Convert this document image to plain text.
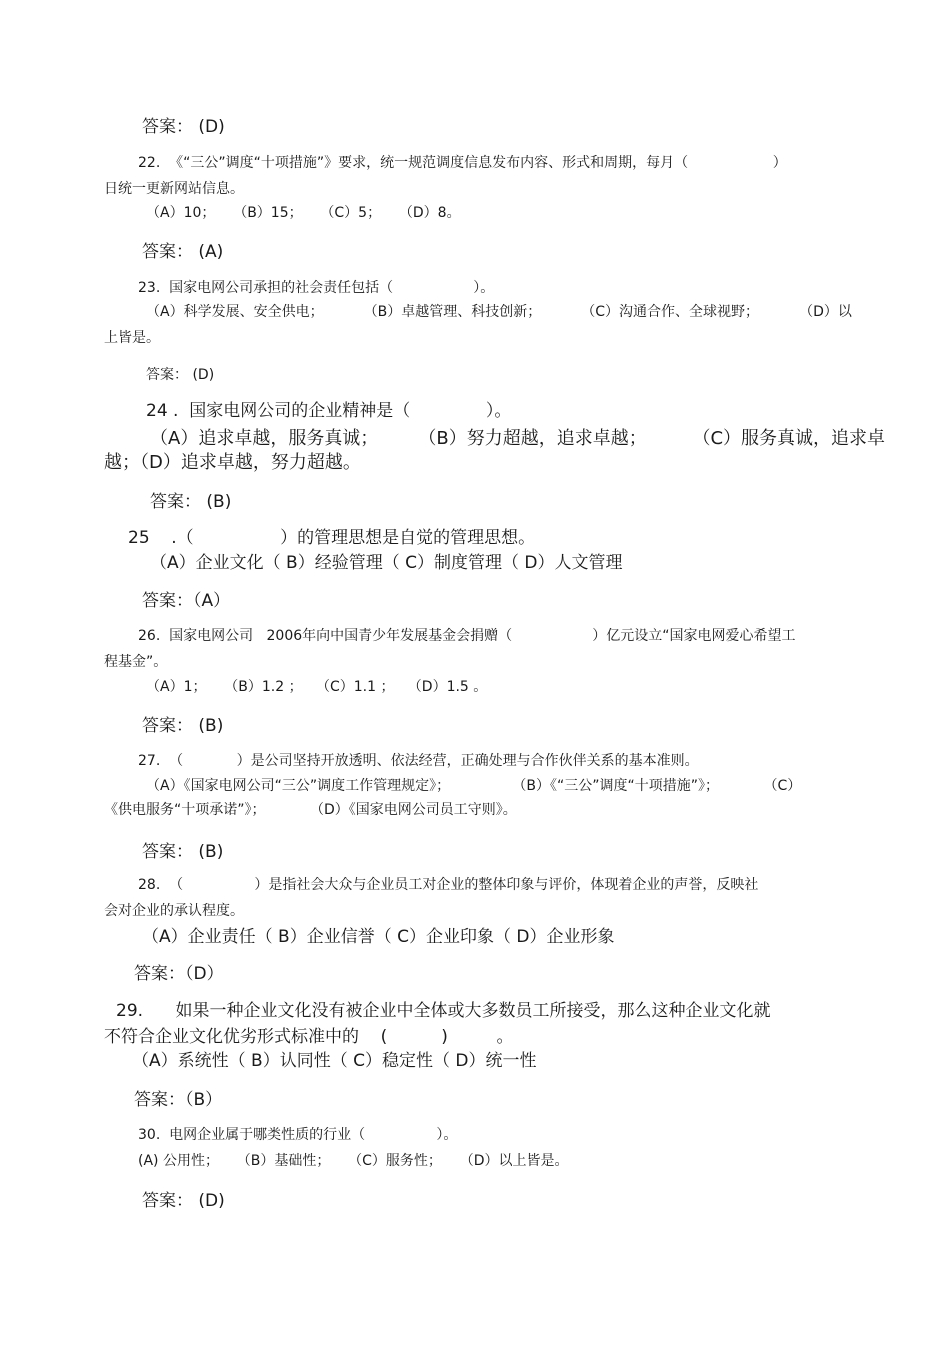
答案： (D)
22.  《“三公”调度“十项措施”》要求，统一规范调度信息发布内容、形式和周期，每月（                   ）
日统一更新网站信息。
（A）10；    （B）15；    （C）5；    （D）8。
答案： (A)
23.  国家电网公司承担的社会责任包括（                  ）。
（A）科学发展、安全供电；         （B）卓越管理、科技创新；         （C）沟通合作、全球视野；         （D）以
上皆是。
答案： (D)
24 .  国家电网公司的企业精神是（              ）。
（A）追求卓越，服务真诚；       （B）努力超越，追求卓越；        （C）服务真诚，追求卓
越；（D）追求卓越，努力超越。
答案： (B)
25    .（                ）的管理思想是自觉的管理思想。
（A）企业文化（ B）经验管理（ C）制度管理（ D）人文管理
答案：（A）
26.  国家电网公司   2006年向中国青少年发展基金会捐赠（                  ）亿元设立“国家电网爱心希望工
程基金”。
（A）1；    （B）1.2 ；   （C）1.1 ；   （D）1.5 。
答案： (B)
27.  （            ）是公司坚持开放透明、依法经营，正确处理与合作伙伴关系的基本准则。
（A）《国家电网公司“三公”调度工作管理规定》；              （B）《“三公”调度“十项措施”》；          （C）
《供电服务“十项承诺”》；          （D）《国家电网公司员工守则》。
答案： (B)
28.  （                ）是指社会大众与企业员工对企业的整体印象与评价，体现着企业的声誉，反映社
会对企业的承认程度。
（A）企业责任（ B）企业信誉（ C）企业印象（ D）企业形象
答案：（D）
29.      如果一种企业文化没有被企业中全体或大多数员工所接受，那么这种企业文化就
不符合企业文化优劣形式标准中的    (          )         。
（A）系统性（ B）认同性（ C）稳定性（ D）统一性
答案：（B）
30.  电网企业属于哪类性质的行业（                ）。
(A) 公用性；    （B）基础性；    （C）服务性；    （D）以上皆是。
答案： (D)
